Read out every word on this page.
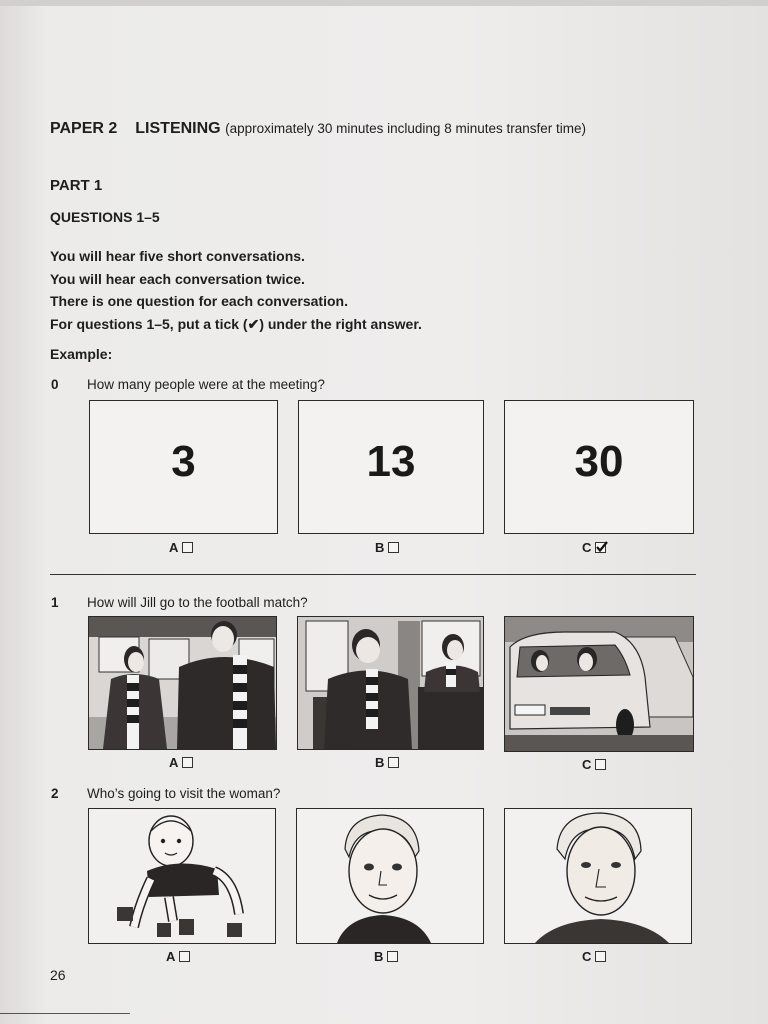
PAPER 2 LISTENING (approximately 30 minutes including 8 minutes transfer time)
PART 1
QUESTIONS 1–5
You will hear five short conversations.
You will hear each conversation twice.
There is one question for each conversation.
For questions 1–5, put a tick (✔) under the right answer.
Example:
0 How many people were at the meeting?
3	13	30
A	B	C
1 How will Jill go to the football match?
A	B	C
2 Who’s going to visit the woman?
A	B	C
26
